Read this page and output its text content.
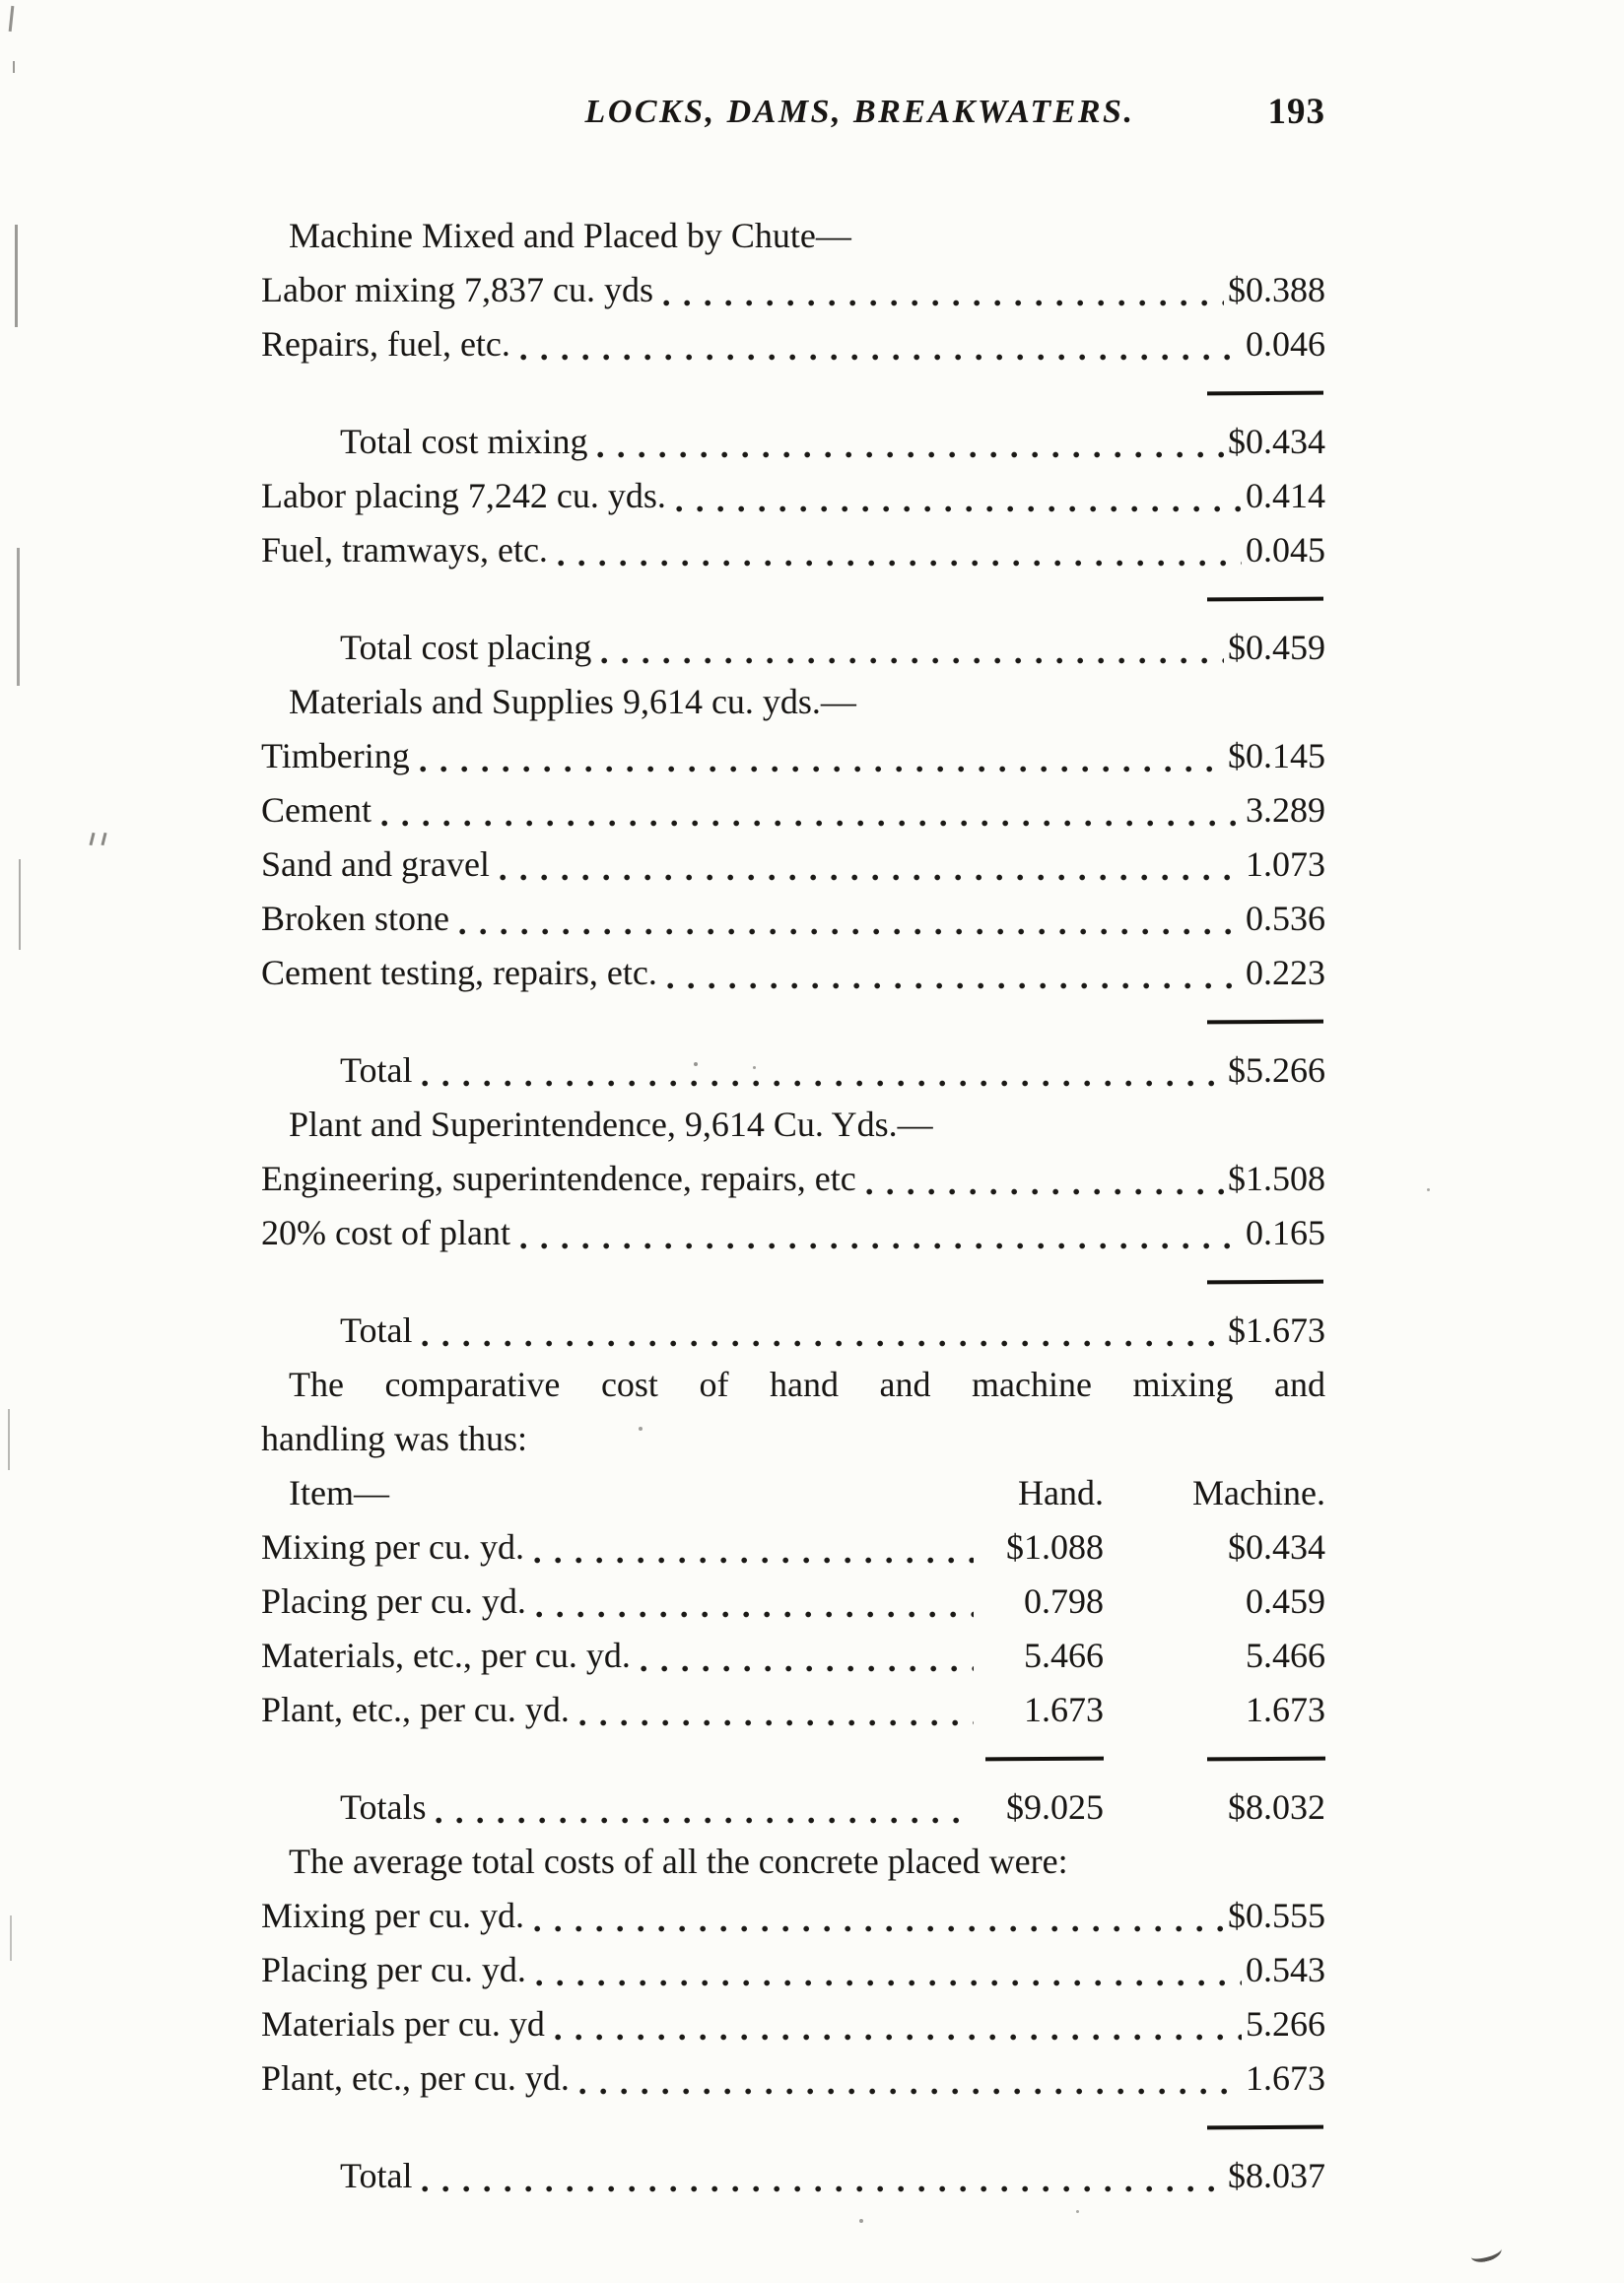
LOCKS, DAMS, BREAKWATERS.	193
Machine Mixed and Placed by Chute—
Labor mixing 7,837 cu. yds	$0.388
Repairs, fuel, etc.	0.046
Total cost mixing	$0.434
Labor placing 7,242 cu. yds.	0.414
Fuel, tramways, etc.	0.045
Total cost placing	$0.459
Materials and Supplies 9,614 cu. yds.—
Timbering	$0.145
Cement	3.289
Sand and gravel	1.073
Broken stone	0.536
Cement testing, repairs, etc.	0.223
Total	$5.266
Plant and Superintendence, 9,614 Cu. Yds.—
Engineering, superintendence, repairs, etc	$1.508
20% cost of plant	0.165
Total	$1.673
The comparative cost of hand and machine mixing and
handling was thus:
Item—	Hand.	Machine.
Mixing per cu. yd.	$1.088	$0.434
Placing per cu. yd.	0.798	0.459
Materials, etc., per cu. yd.	5.466	5.466
Plant, etc., per cu. yd.	1.673	1.673
Totals	$9.025	$8.032
The average total costs of all the concrete placed were:
Mixing per cu. yd.	$0.555
Placing per cu. yd.	0.543
Materials per cu. yd	5.266
Plant, etc., per cu. yd.	1.673
Total	$8.037
